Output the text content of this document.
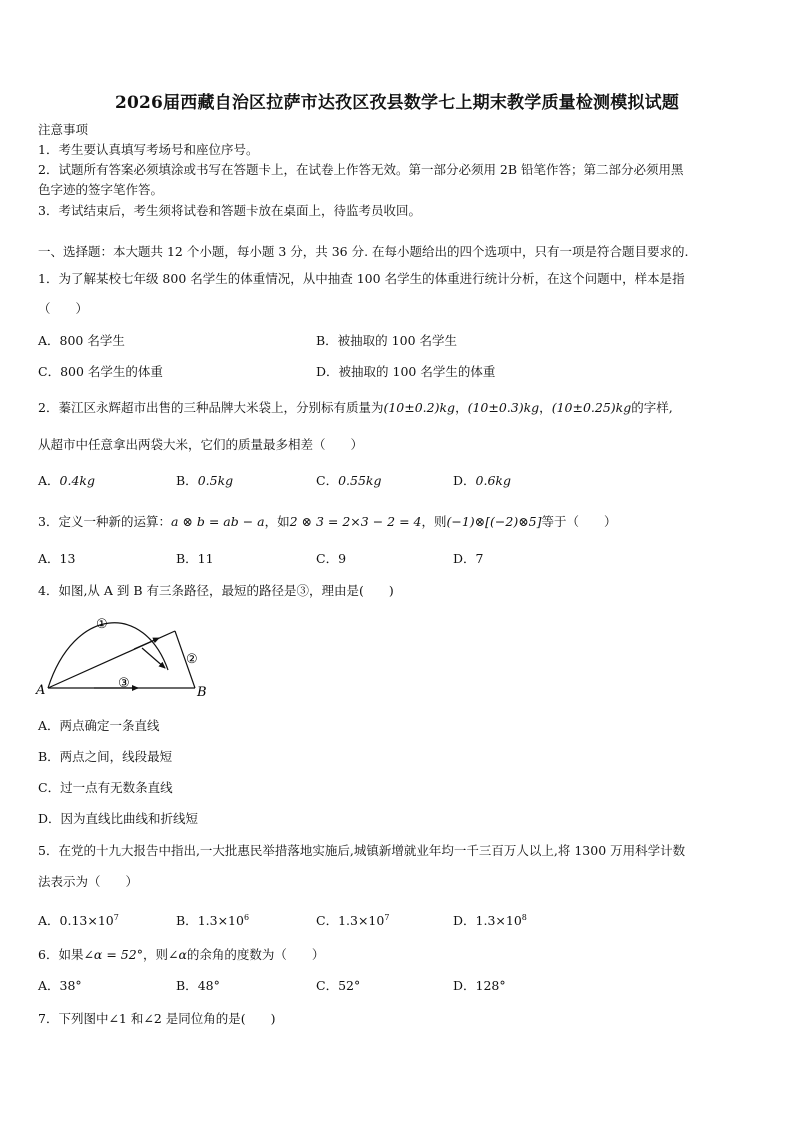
2026届西藏自治区拉萨市达孜区孜县数学七上期末教学质量检测模拟试题
注意事项
1．考生要认真填写考场号和座位序号。
2．试题所有答案必须填涂或书写在答题卡上，在试卷上作答无效。第一部分必须用 2B 铅笔作答；第二部分必须用黑
色字迹的签字笔作答。
3．考试结束后，考生须将试卷和答题卡放在桌面上，待监考员收回。
一、选择题：本大题共 12 个小题，每小题 3 分，共 36 分. 在每小题给出的四个选项中，只有一项是符合题目要求的.
1．为了解某校七年级 800 名学生的体重情况，从中抽查 100 名学生的体重进行统计分析，在这个问题中，样本是指
（　　）
A．800 名学生	B．被抽取的 100 名学生
C．800 名学生的体重	D．被抽取的 100 名学生的体重
2．蓁江区永辉超市出售的三种品牌大米袋上，分别标有质量为(10±0.2)kg，(10±0.3)kg，(10±0.25)kg的字样,
从超市中任意拿出两袋大米，它们的质量最多相差（　　）
A．0.4kg	B．0.5kg	C．0.55kg	D．0.6kg
3．定义一种新的运算：a ⊗ b = ab − a，如2 ⊗ 3 = 2×3 − 2 = 4，则(−1)⊗[(−2)⊗5]等于（　　）
A．13	B．11	C．9	D．7
4．如图,从 A 到 B 有三条路径，最短的路径是③，理由是(　　)
A	B
①
②
③
A．两点确定一条直线
B．两点之间，线段最短
C．过一点有无数条直线
D．因为直线比曲线和折线短
5．在党的十九大报告中指出,一大批惠民举措落地实施后,城镇新增就业年均一千三百万人以上,将 1300 万用科学计数
法表示为（　　）
A．$0.13\times 10^7$	B．$1.3\times 10^6$	C．$1.3\times 10^7$	D．$1.3\times 10^8$
6．如果∠α = 52°，则∠α的余角的度数为（　　）
A．38°	B．48°	C．52°	D．128°
7．下列图中∠1 和∠2 是同位角的是(　　)
